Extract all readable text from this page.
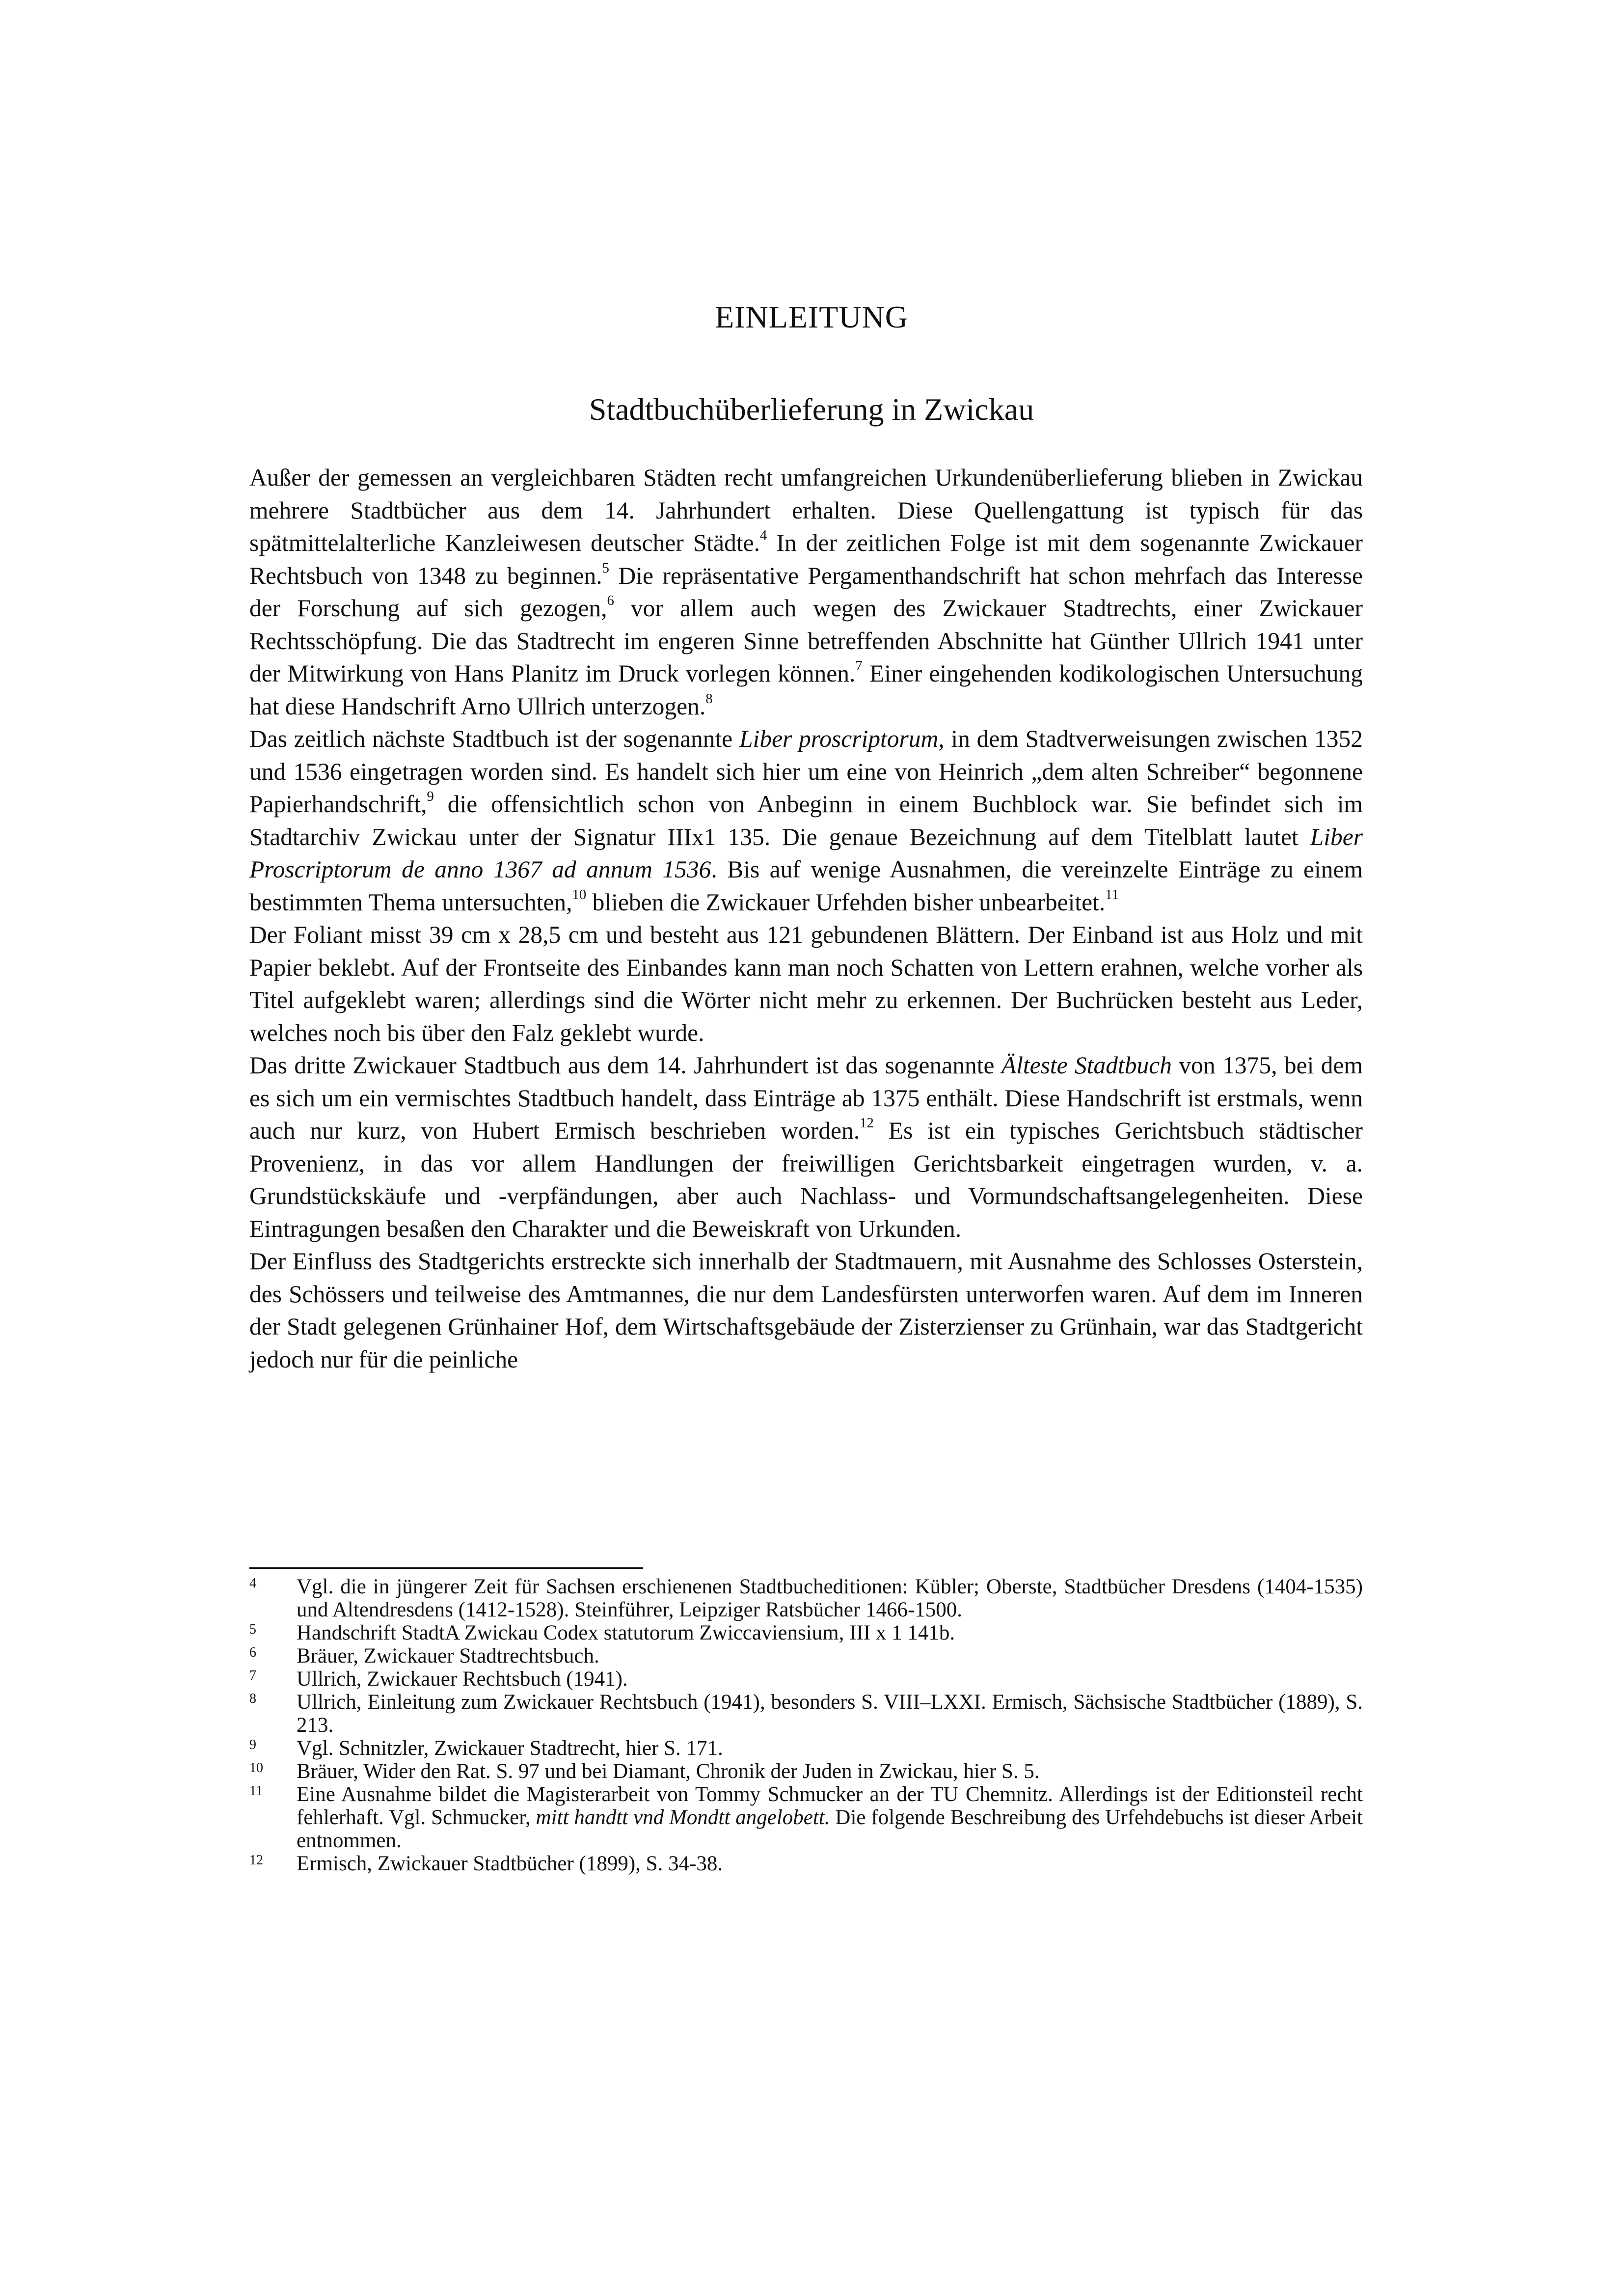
EINLEITUNG
Stadtbuchüberlieferung in Zwickau

Außer der gemessen an vergleichbaren Städten recht umfangreichen Urkundenüberlieferung blieben in Zwickau mehrere Stadtbücher aus dem 14. Jahrhundert erhalten. Diese Quellengattung ist typisch für das spätmittelalterliche Kanzleiwesen deutscher Städte.$^4$ In der zeitlichen Folge ist mit dem sogenannte Zwickauer Rechtsbuch von 1348 zu beginnen.$^5$ Die repräsentative Pergamenthandschrift hat schon mehrfach das Interesse der Forschung auf sich gezogen,$^6$ vor allem auch wegen des Zwickauer Stadtrechts, einer Zwickauer Rechtsschöpfung. Die das Stadtrecht im engeren Sinne betreffenden Abschnitte hat Günther Ullrich 1941 unter der Mitwirkung von Hans Planitz im Druck vorlegen können.$^7$ Einer eingehenden kodikologischen Untersuchung hat diese Handschrift Arno Ullrich unterzogen.$^8$

Das zeitlich nächste Stadtbuch ist der sogenannte Liber proscriptorum, in dem Stadtverweisungen zwischen 1352 und 1536 eingetragen worden sind. Es handelt sich hier um eine von Heinrich „dem alten Schreiber“ begonnene Papierhandschrift,$^9$ die offensichtlich schon von Anbeginn in einem Buchblock war. Sie befindet sich im Stadtarchiv Zwickau unter der Signatur IIIx1 135. Die genaue Bezeichnung auf dem Titelblatt lautet Liber Proscriptorum de anno 1367 ad annum 1536. Bis auf wenige Ausnahmen, die vereinzelte Einträge zu einem bestimmten Thema untersuchten,$^{10}$ blieben die Zwickauer Urfehden bisher unbearbeitet.$^{11}$

Der Foliant misst 39 cm x 28,5 cm und besteht aus 121 gebundenen Blättern. Der Einband ist aus Holz und mit Papier beklebt. Auf der Frontseite des Einbandes kann man noch Schatten von Lettern erahnen, welche vorher als Titel aufgeklebt waren; allerdings sind die Wörter nicht mehr zu erkennen. Der Buchrücken besteht aus Leder, welches noch bis über den Falz geklebt wurde.

Das dritte Zwickauer Stadtbuch aus dem 14. Jahrhundert ist das sogenannte Älteste Stadtbuch von 1375, bei dem es sich um ein vermischtes Stadtbuch handelt, dass Einträge ab 1375 enthält. Diese Handschrift ist erstmals, wenn auch nur kurz, von Hubert Ermisch beschrieben worden.$^{12}$ Es ist ein typisches Gerichtsbuch städtischer Provenienz, in das vor allem Handlungen der freiwilligen Gerichtsbarkeit eingetragen wurden, v. a. Grundstückskäufe und -verpfändungen, aber auch Nachlass- und Vormundschaftsangelegenheiten. Diese Eintragungen besaßen den Charakter und die Beweiskraft von Urkunden.

Der Einfluss des Stadtgerichts erstreckte sich innerhalb der Stadtmauern, mit Ausnahme des Schlosses Osterstein, des Schössers und teilweise des Amtmannes, die nur dem Landesfürsten unterworfen waren. Auf dem im Inneren der Stadt gelegenen Grünhainer Hof, dem Wirtschaftsgebäude der Zisterzienser zu Grünhain, war das Stadtgericht jedoch nur für die peinliche

4	Vgl. die in jüngerer Zeit für Sachsen erschienenen Stadtbucheditionen: Kübler; Oberste, Stadtbücher Dresdens (1404-1535) und Altendresdens (1412-1528). Steinführer, Leipziger Ratsbücher 1466-1500.
5	Handschrift StadtA Zwickau Codex statutorum Zwiccaviensium, III x 1 141b.
6	Bräuer, Zwickauer Stadtrechtsbuch.
7	Ullrich, Zwickauer Rechtsbuch (1941).
8	Ullrich, Einleitung zum Zwickauer Rechtsbuch (1941), besonders S. VIII–LXXI. Ermisch, Sächsische Stadtbücher (1889), S. 213.
9	Vgl. Schnitzler, Zwickauer Stadtrecht, hier S. 171.
10	Bräuer, Wider den Rat. S. 97 und bei Diamant, Chronik der Juden in Zwickau, hier S. 5.
11	Eine Ausnahme bildet die Magisterarbeit von Tommy Schmucker an der TU Chemnitz. Allerdings ist der Editionsteil recht fehlerhaft. Vgl. Schmucker, mitt handtt vnd Mondtt angelobett. Die folgende Beschreibung des Urfehdebuchs ist dieser Arbeit entnommen.
12	Ermisch, Zwickauer Stadtbücher (1899), S. 34-38.
